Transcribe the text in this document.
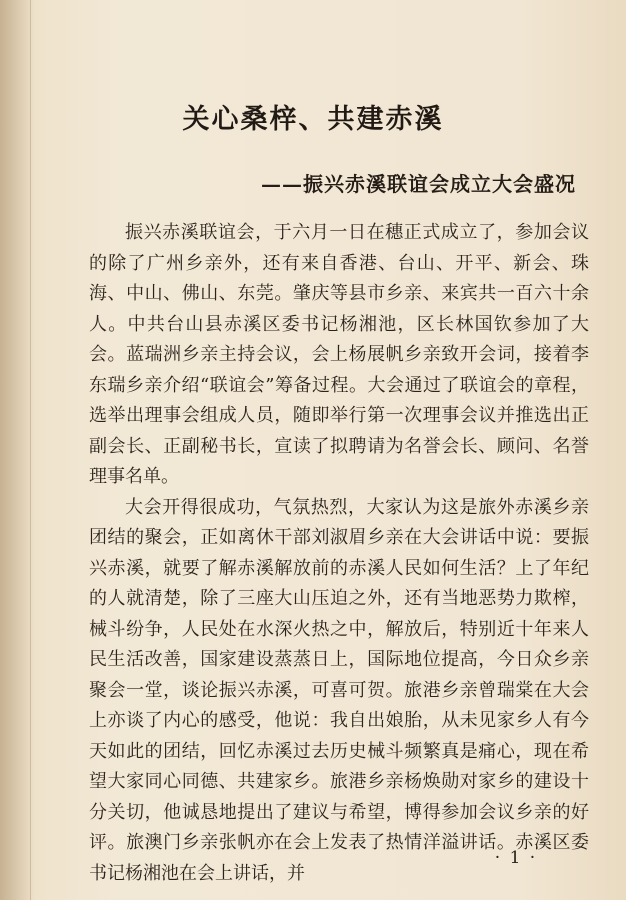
关心桑梓、共建赤溪
——振兴赤溪联谊会成立大会盛况

振兴赤溪联谊会，于六月一日在穗正式成立了，参加会议的除了广州乡亲外，还有来自香港、台山、开平、新会、珠海、中山、佛山、东莞。肇庆等县市乡亲、来宾共一百六十余人。中共台山县赤溪区委书记杨湘池，区长林国钦参加了大会。蓝瑞洲乡亲主持会议，会上杨展帆乡亲致开会词，接着李东瑞乡亲介绍“联谊会”筹备过程。大会通过了联谊会的章程，选举出理事会组成人员，随即举行第一次理事会议并推选出正副会长、正副秘书长，宣读了拟聘请为名誉会长、顾问、名誉理事名单。

大会开得很成功，气氛热烈，大家认为这是旅外赤溪乡亲团结的聚会，正如离休干部刘淑眉乡亲在大会讲话中说：要振兴赤溪，就要了解赤溪解放前的赤溪人民如何生活？上了年纪的人就清楚，除了三座大山压迫之外，还有当地恶势力欺榨，械斗纷争，人民处在水深火热之中，解放后，特别近十年来人民生活改善，国家建设蒸蒸日上，国际地位提高，今日众乡亲聚会一堂，谈论振兴赤溪，可喜可贺。旅港乡亲曾瑞棠在大会上亦谈了内心的感受，他说：我自出娘胎，从未见家乡人有今天如此的团结，回忆赤溪过去历史械斗频繁真是痛心，现在希望大家同心同德、共建家乡。旅港乡亲杨焕勋对家乡的建设十分关切，他诚恳地提出了建议与希望，博得参加会议乡亲的好评。旅澳门乡亲张帆亦在会上发表了热情洋溢讲话。赤溪区委书记杨湘池在会上讲话，并

· 1 ·
